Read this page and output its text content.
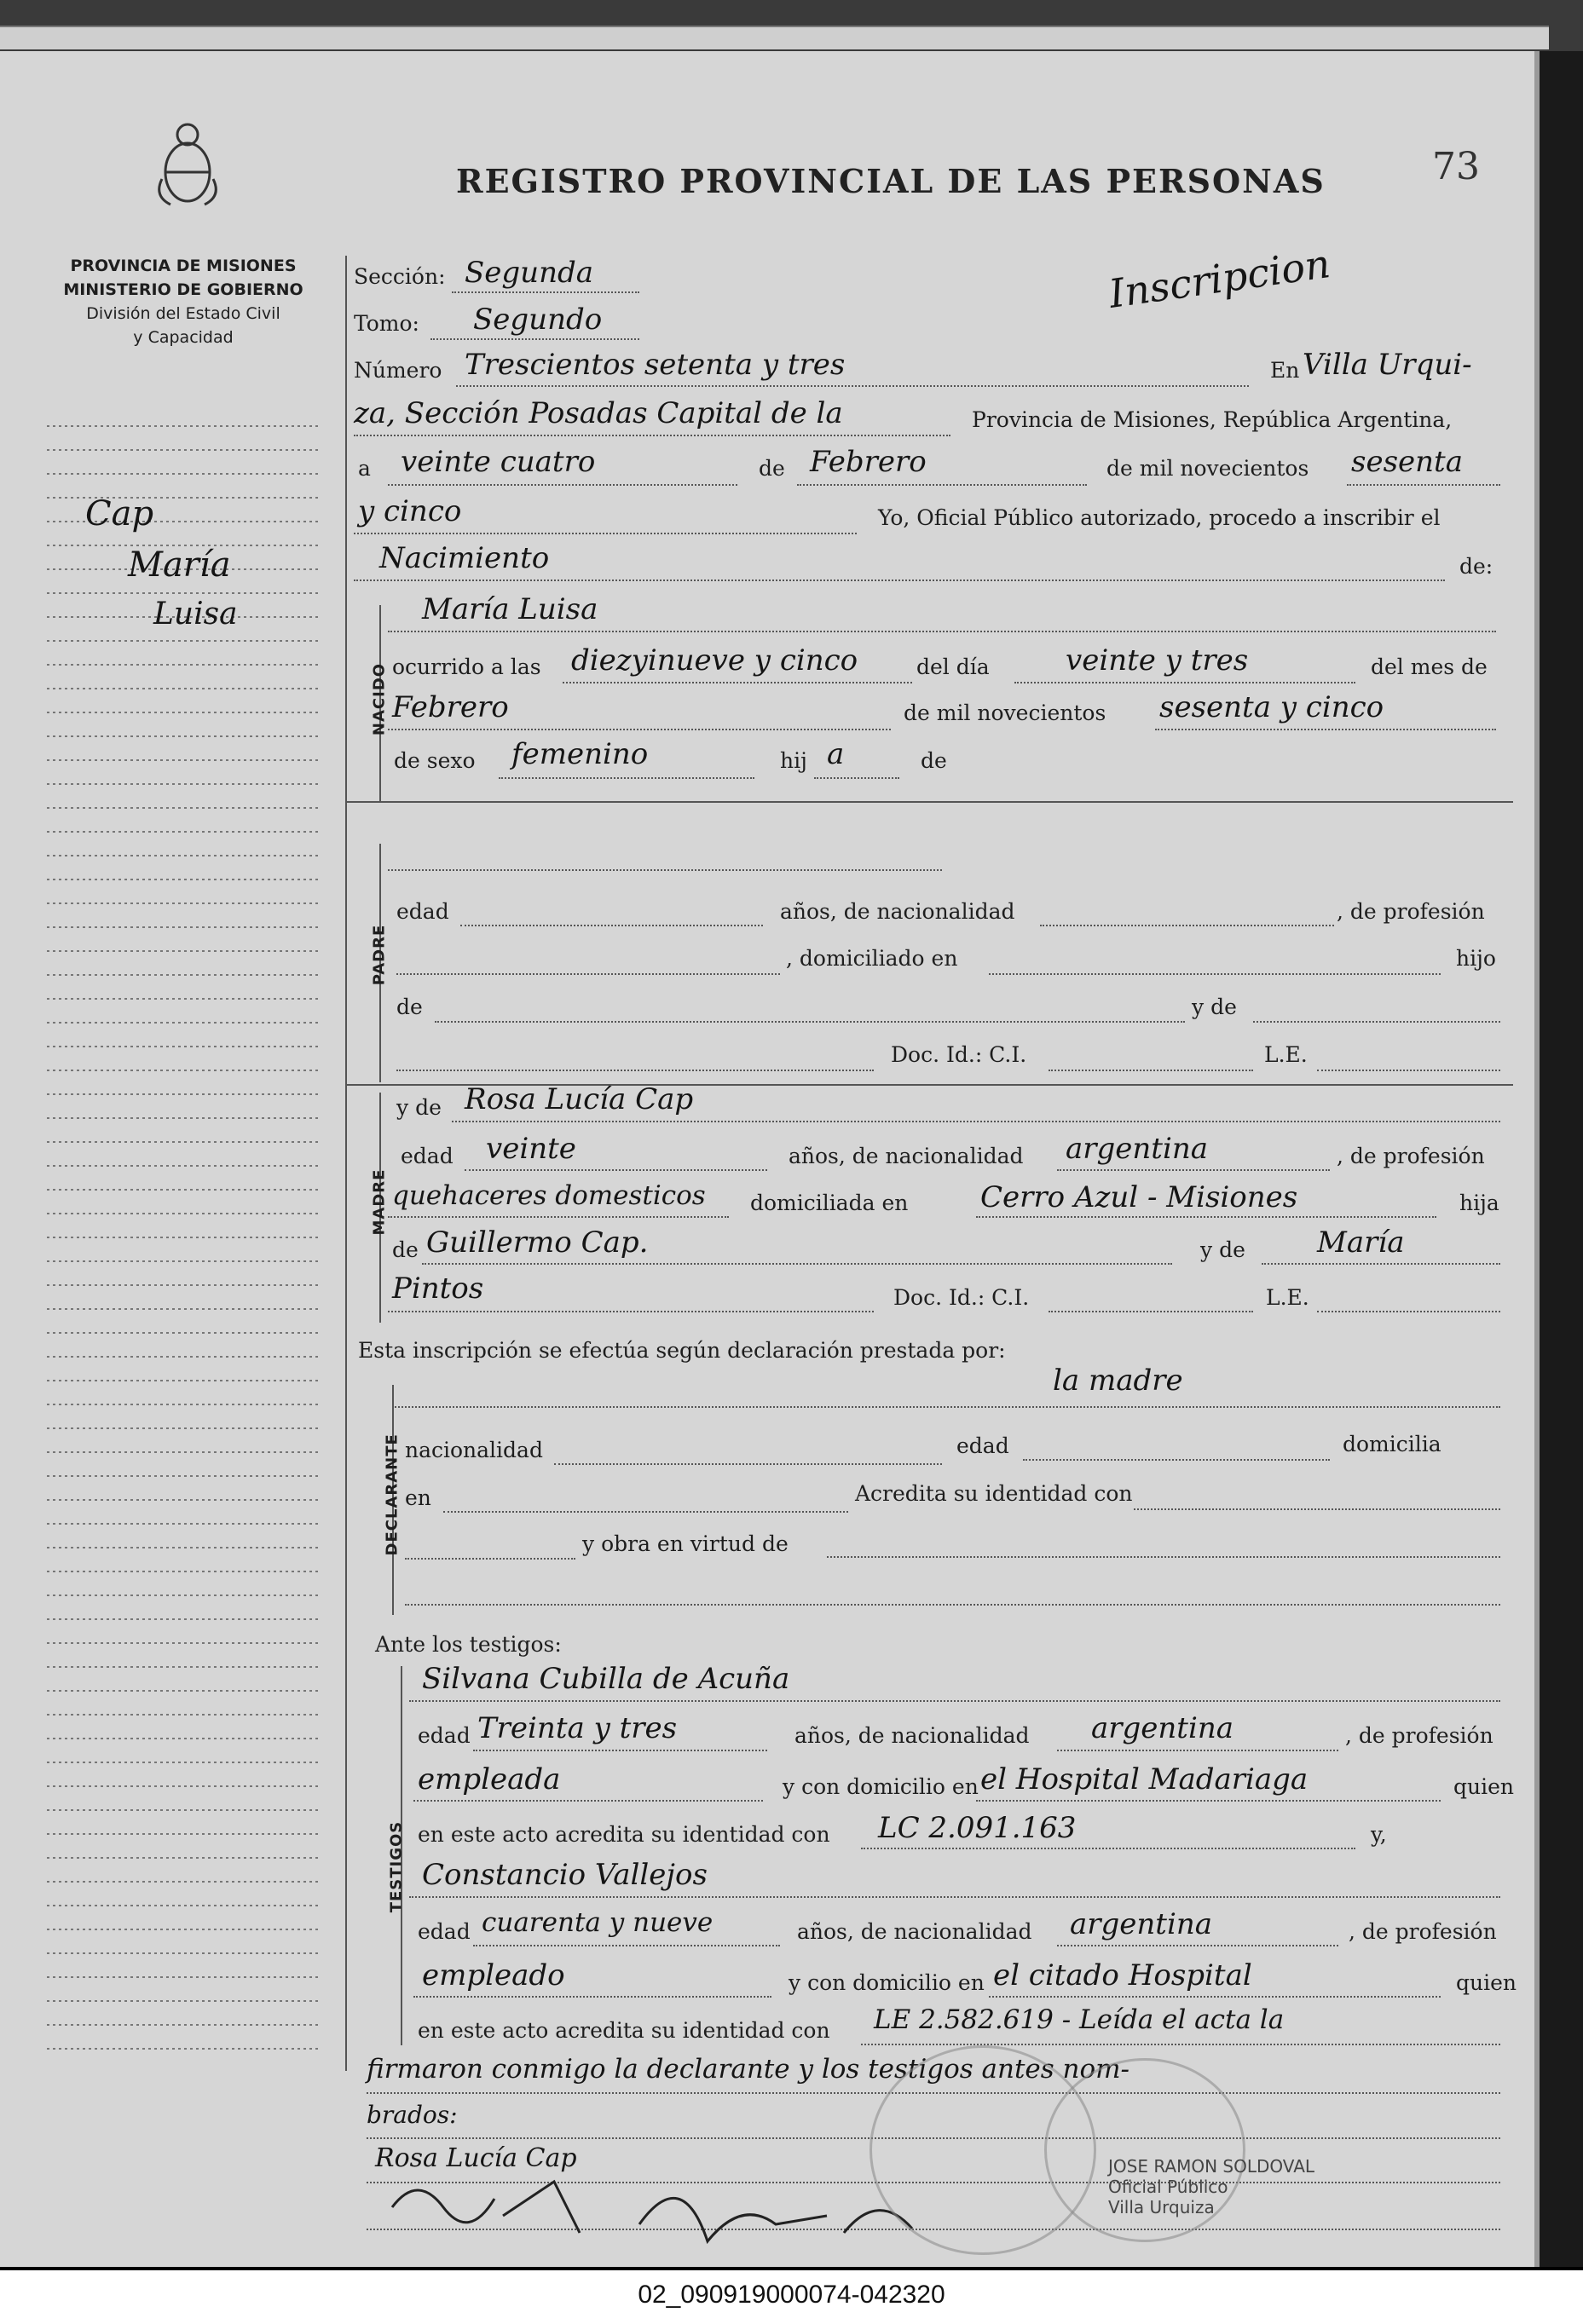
PROVINCIA DE MISIONES
MINISTERIO DE GOBIERNO
División del Estado Civil
y Capacidad
REGISTRO PROVINCIAL DE LAS PERSONAS	73
Inscripcion
Cap
María
Luisa
Sección: Segunda
Tomo: Segundo
Número Trescientos setenta y tres	En Villa Urqui-
za, Sección Posadas Capital de la	Provincia de Misiones, República Argentina,
a veinte cuatro	de Febrero	de mil novecientos sesenta
y cinco	Yo, Oficial Público autorizado, procedo a inscribir el
Nacimiento	de:
NACIDO
María Luisa
ocurrido a las diezyinueve y cinco	del día	veinte y tres	del mes de
Febrero	de mil novecientos sesenta y cinco
de sexo femenino	hij a	de
PADRE
edad	años, de nacionalidad	, de profesión
, domiciliado en	hijo
de	y de
Doc. Id.: C.I.	L.E.
MADRE
y de Rosa Lucía Cap
edad veinte	años, de nacionalidad argentina	, de profesión
quehaceres domesticos domiciliada en Cerro Azul - Misiones	hija
de Guillermo Cap.	y de María
Pintos	Doc. Id.: C.I.	L.E.
Esta inscripción se efectúa según declaración prestada por:
la madre
DECLARANTE nacionalidad	edad	domicilia
en	Acredita su identidad con
y obra en virtud de
Ante los testigos:
TESTIGOS
Silvana Cubilla de Acuña
edad Treinta y tres	años, de nacionalidad argentina	, de profesión
empleada	y con domicilio en el Hospital Madariaga	quien
en este acto acredita su identidad con LC 2.091.163	y,
Constancio Vallejos
edad cuarenta y nueve	años, de nacionalidad argentina	, de profesión
empleado	y con domicilio en el citado Hospital	quien
en este acto acredita su identidad con LE 2.582.619 - Leída el acta la
firmaron conmigo la declarante y los testigos antes nom-
brados:
Rosa Lucía Cap	JOSE RAMON SOLDOVAL
Oficial Público
Villa Urquiza
02_090919000074-042320
